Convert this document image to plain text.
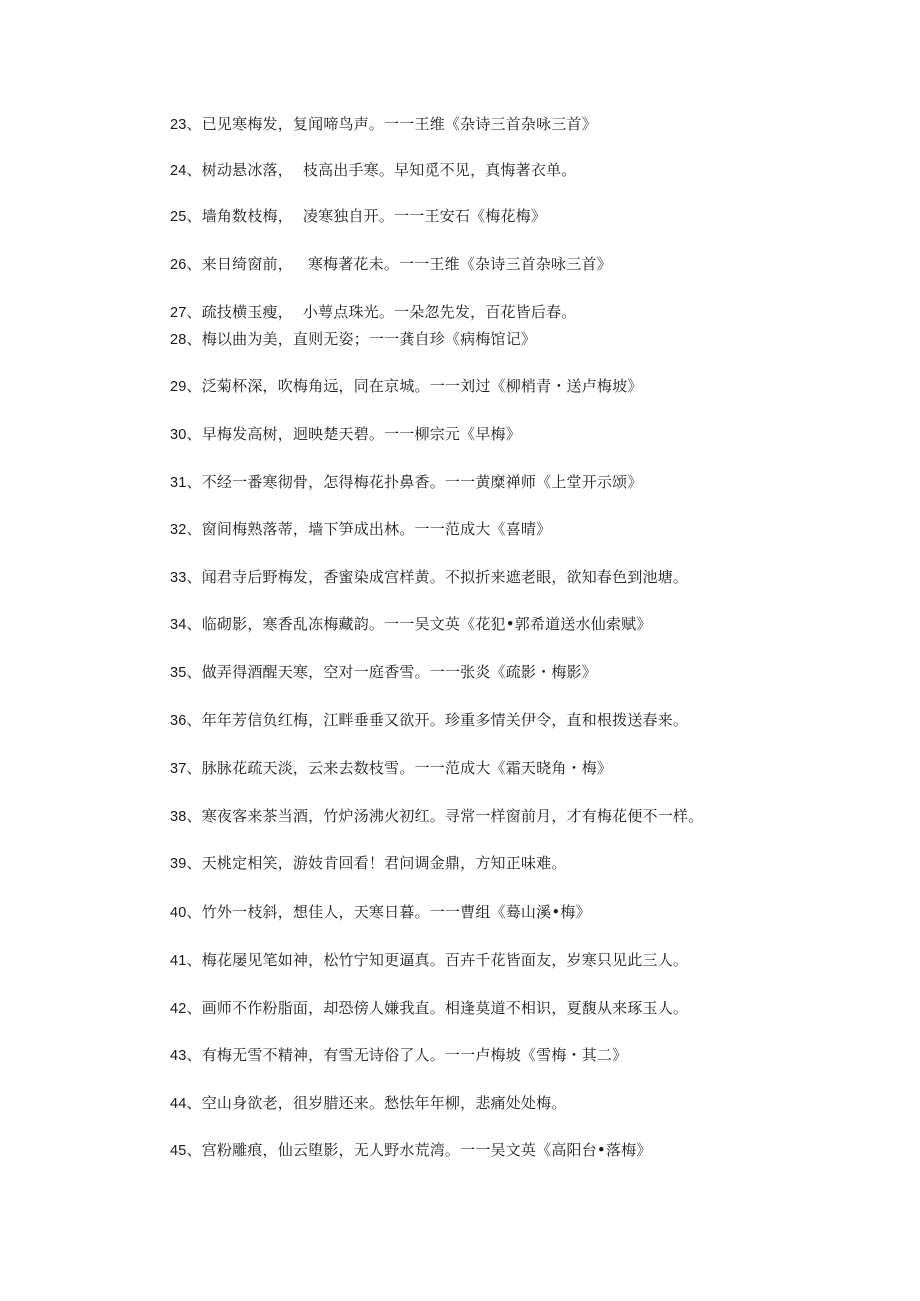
23、已见寒梅发，复闻啼鸟声。一一王维《杂诗三首杂咏三首》
24、树动悬冰落，  枝高出手寒。早知觅不见，真悔著衣单。
25、墙角数枝梅，  凌寒独自开。一一王安石《梅花梅》
26、来日绮窗前，   寒梅著花未。一一王维《杂诗三首杂咏三首》
27、疏技横玉瘦，  小萼点珠光。一朵忽先发，百花皆后春。
28、梅以曲为美，直则无姿；一一龚自珍《病梅馆记》
29、泛菊杯深，吹梅角远，同在京城。一一刘过《柳梢青・送卢梅坡》
30、早梅发高树，迥映楚天碧。一一柳宗元《早梅》
31、不经一番寒彻骨，怎得梅花扑鼻香。一一黄糜禅师《上堂开示颂》
32、窗间梅熟落蒂，墙下笋成出林。一一范成大《喜晴》
33、闻君寺后野梅发，香蜜染成宫样黄。不拟折来遮老眼，欲知春色到池塘。
34、临砌影，寒香乱冻梅藏韵。一一吴文英《花犯•郭希道送水仙索赋》
35、做弄得酒醒天寒，空对一庭香雪。一一张炎《疏影・梅影》
36、年年芳信负红梅，江畔垂垂又欲开。珍重多情关伊令，直和根拨送春来。
37、脉脉花疏天淡，云来去数枝雪。一一范成大《霜天晓角・梅》
38、寒夜客来茶当酒，竹炉汤沸火初红。寻常一样窗前月，才有梅花便不一样。
39、天桃定相笑，游妓肯回看！君问调金鼎，方知正味难。
40、竹外一枝斜，想佳人，天寒日暮。一一曹组《蓦山溪•梅》
41、梅花屡见笔如神，松竹宁知更逼真。百卉千花皆面友，岁寒只见此三人。
42、画师不作粉脂面，却恐傍人嫌我直。相逢莫道不相识，夏馥从来琢玉人。
43、有梅无雪不精神，有雪无诗俗了人。一一卢梅坡《雪梅・其二》
44、空山身欲老，徂岁腊还来。愁怯年年柳，悲痛处处梅。
45、宫粉雕痕，仙云堕影，无人野水荒湾。一一吴文英《高阳台•落梅》
